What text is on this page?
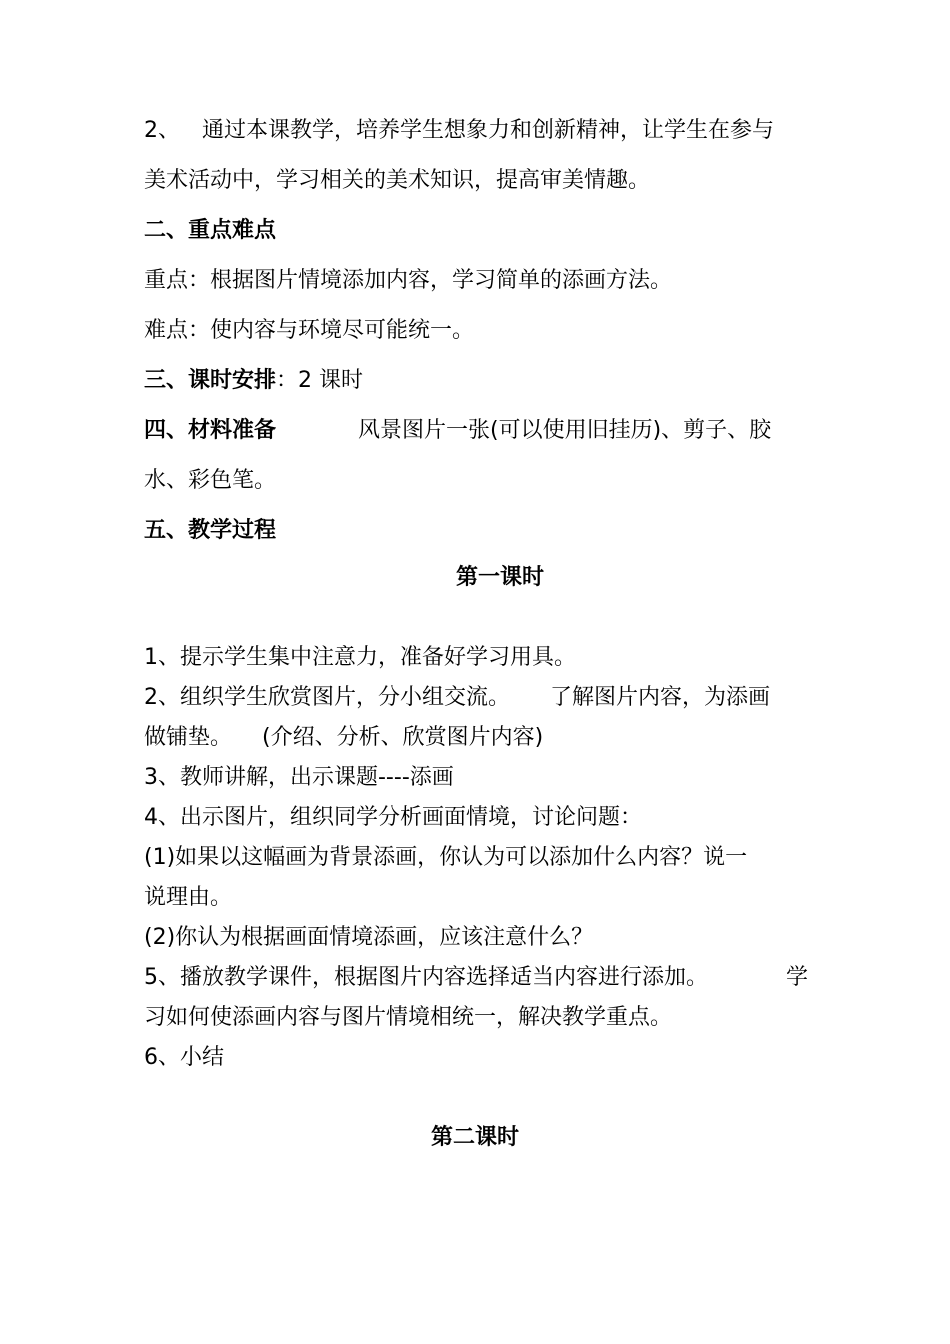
2、 通过本课教学，培养学生想象力和创新精神，让学生在参与
美术活动中，学习相关的美术知识，提高审美情趣。
二、重点难点
重点：根据图片情境添加内容，学习简单的添画方法。
难点：使内容与环境尽可能统一。
三、课时安排：2 课时
四、材料准备	风景图片一张(可以使用旧挂历)、剪子、胶
水、彩色笔。
五、教学过程
第一课时
1、提示学生集中注意力，准备好学习用具。
2、组织学生欣赏图片，分小组交流。 了解图片内容，为添画
做铺垫。 (介绍、分析、欣赏图片内容)
3、教师讲解，出示课题----添画
4、出示图片，组织同学分析画面情境，讨论问题：
(1)如果以这幅画为背景添画，你认为可以添加什么内容？说一
说理由。
(2)你认为根据画面情境添画，应该注意什么？
5、播放教学课件，根据图片内容选择适当内容进行添加。	学
习如何使添画内容与图片情境相统一，解决教学重点。
6、小结
第二课时
